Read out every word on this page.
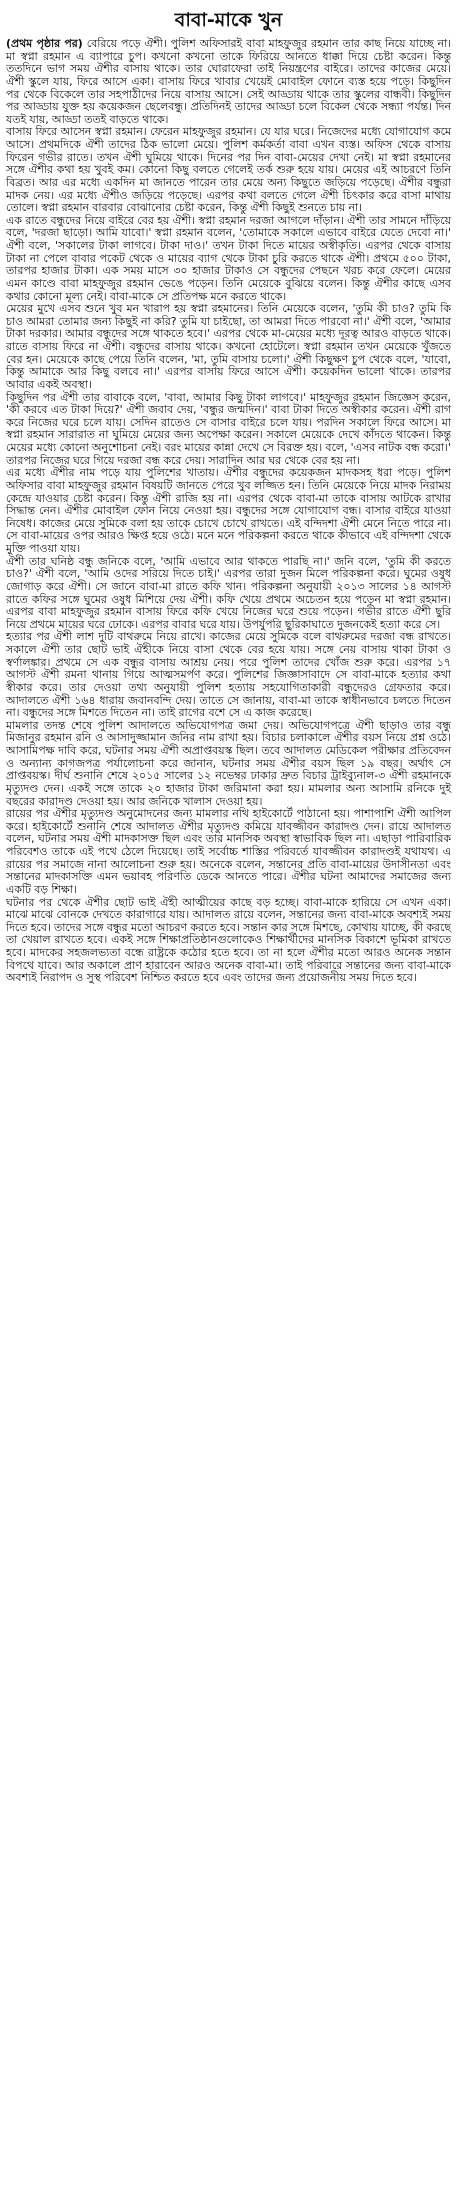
বাবা-মাকে খুন

(প্রথম পৃষ্ঠার পর) বেরিয়ে পড়ে ঐশী। পুলিশ অফিসারই বাবা মাহফুজুর রহমান তার কাছ নিয়ে যাচ্ছে না। মা স্বপ্না রহমান এ ব্যাপারে চুপ। কখনো কখনো তাকে ফিরিয়ে আনতে ধাক্কা দিয়ে চেষ্টা করেন। কিন্তু ততদিনে ভাগ সময় ঐশীর বাসায় থাকে। তার ঘোরাফেরা তাই নিয়ন্ত্রণের বাইরে। তাদের কাজের মেয়ে। ঐশী স্কুলে যায়, ফিরে আসে একা। বাসায় ফিরে খাবার খেয়েই মোবাইল ফোনে ব্যস্ত হয়ে পড়ে। কিছুদিন পর থেকে বিকেলে তার সহপাঠীদের নিয়ে বাসায় আসে। সেই আড্ডায় থাকে তার স্কুলের বান্ধবী। কিছুদিন পর আড্ডায় যুক্ত হয় কয়েকজন ছেলেবন্ধু। প্রতিদিনই তাদের আড্ডা চলে বিকেল থেকে সন্ধ্যা পর্যন্ত। দিন যতই যায়, আড্ডা ততই বাড়তে থাকে।

বাসায় ফিরে আসেন স্বপ্না রহমান। ফেরেন মাহফুজুর রহমান। যে যার ঘরে। নিজেদের মধ্যে যোগাযোগ কমে আসে। প্রথমদিকে ঐশী তাদের ঠিক ভালো মেয়ে। পুলিশ কর্মকর্তা বাবা এখন ব্যস্ত। অফিস থেকে বাসায় ফিরেন গভীর রাতে। তখন ঐশী ঘুমিয়ে থাকে। দিনের পর দিন বাবা-মেয়ের দেখা নেই। মা স্বপ্না রহমানের সঙ্গে ঐশীর কথা হয় খুবই কম। কোনো কিছু বলতে গেলেই তর্ক শুরু হয়ে যায়। মেয়ের এই আচরণে তিনি বিব্রত। আর এর মধ্যে একদিন মা জানতে পারেন তার মেয়ে অন্য কিছুতে জড়িয়ে পড়েছে। ঐশীর বন্ধুরা মাদক নেয়। এর মধ্যে ঐশীও জড়িয়ে পড়েছে। এরপর কথা বলতে গেলে ঐশী চিৎকার করে বাসা মাথায় তোলে। স্বপ্না রহমান বারবার বোঝানোর চেষ্টা করেন, কিন্তু ঐশী কিছুই শুনতে চায় না।

এক রাতে বন্ধুদের নিয়ে বাইরে বের হয় ঐশী। স্বপ্না রহমান দরজা আগলে দাঁড়ান। ঐশী তার সামনে দাঁড়িয়ে বলে, 'দরজা ছাড়ো। আমি যাবো।' স্বপ্না রহমান বলেন, 'তোমাকে সকালে এভাবে বাইরে যেতে দেবো না।' ঐশী বলে, 'সকালের টাকা লাগবে। টাকা দাও।' তখন টাকা দিতে মায়ের অস্বীকৃতি। এরপর থেকে বাসায় টাকা না পেলে বাবার পকেট থেকে ও মায়ের ব্যাগ থেকে টাকা চুরি করতে থাকে ঐশী। প্রথমে ৫০০ টাকা, তারপর হাজার টাকা। এক সময় মাসে ৩০ হাজার টাকাও সে বন্ধুদের পেছনে খরচ করে ফেলে। মেয়ের এমন কাণ্ডে বাবা মাহফুজুর রহমান ভেঙে পড়েন। তিনি মেয়েকে বুঝিয়ে বলেন। কিন্তু ঐশীর কাছে এসব কথার কোনো মূল্য নেই। বাবা-মাকে সে প্রতিপক্ষ মনে করতে থাকে।

মেয়ের মুখে এসব শুনে খুব মন খারাপ হয় স্বপ্না রহমানের। তিনি মেয়েকে বলেন, 'তুমি কী চাও? তুমি কি চাও আমরা তোমার জন্য কিছুই না করি? তুমি যা চাইছো, তা আমরা দিতে পারবো না।' ঐশী বলে, 'আমার টাকা দরকার। আমার বন্ধুদের সঙ্গে থাকতে হবে।' এরপর থেকে মা-মেয়ের মধ্যে দূরত্ব আরও বাড়তে থাকে। রাতে বাসায় ফিরে না ঐশী। বন্ধুদের বাসায় থাকে। কখনো হোটেলে। স্বপ্না রহমান তখন মেয়েকে খুঁজতে বের হন। মেয়েকে কাছে পেয়ে তিনি বলেন, 'মা, তুমি বাসায় চলো।' ঐশী কিছুক্ষণ চুপ থেকে বলে, 'যাবো, কিন্তু আমাকে আর কিছু বলবে না।' এরপর বাসায় ফিরে আসে ঐশী। কয়েকদিন ভালো থাকে। তারপর আবার একই অবস্থা।

কিছুদিন পর ঐশী তার বাবাকে বলে, 'বাবা, আমার কিছু টাকা লাগবে।' মাহফুজুর রহমান জিজ্ঞেস করেন, 'কী করবে এত টাকা দিয়ে?' ঐশী জবাব দেয়, 'বন্ধুর জন্মদিন।' বাবা টাকা দিতে অস্বীকার করেন। ঐশী রাগ করে নিজের ঘরে চলে যায়। সেদিন রাতেও সে বাসার বাইরে চলে যায়। পরদিন সকালে ফিরে আসে। মা স্বপ্না রহমান সারারাত না ঘুমিয়ে মেয়ের জন্য অপেক্ষা করেন। সকালে মেয়েকে দেখে কাঁদতে থাকেন। কিন্তু মেয়ের মধ্যে কোনো অনুশোচনা নেই। বরং মায়ের কান্না দেখে সে বিরক্ত হয়। বলে, 'এসব নাটক বন্ধ করো।' তারপর নিজের ঘরে গিয়ে দরজা বন্ধ করে দেয়। সারাদিন আর ঘর থেকে বের হয় না।

এর মধ্যে ঐশীর নাম পড়ে যায় পুলিশের খাতায়। ঐশীর বন্ধুদের কয়েকজন মাদকসহ ধরা পড়ে। পুলিশ অফিসার বাবা মাহফুজুর রহমান বিষয়টি জানতে পেরে খুব লজ্জিত হন। তিনি মেয়েকে নিয়ে মাদক নিরাময় কেন্দ্রে যাওয়ার চেষ্টা করেন। কিন্তু ঐশী রাজি হয় না। এরপর থেকে বাবা-মা তাকে বাসায় আটকে রাখার সিদ্ধান্ত নেন। ঐশীর মোবাইল ফোন নিয়ে নেওয়া হয়। বন্ধুদের সঙ্গে যোগাযোগ বন্ধ। বাসার বাইরে যাওয়া নিষেধ। কাজের মেয়ে সুমিকে বলা হয় তাকে চোখে চোখে রাখতে। এই বন্দিদশা ঐশী মেনে নিতে পারে না। সে বাবা-মায়ের ওপর আরও ক্ষিপ্ত হয়ে ওঠে। মনে মনে পরিকল্পনা করতে থাকে কীভাবে এই বন্দিদশা থেকে মুক্তি পাওয়া যায়।

ঐশী তার ঘনিষ্ঠ বন্ধু জনিকে বলে, 'আমি এভাবে আর থাকতে পারছি না।' জনি বলে, 'তুমি কী করতে চাও?' ঐশী বলে, 'আমি ওদের সরিয়ে দিতে চাই।' এরপর তারা দুজন মিলে পরিকল্পনা করে। ঘুমের ওষুধ জোগাড় করে ঐশী। সে জানে বাবা-মা রাতে কফি খান। পরিকল্পনা অনুযায়ী ২০১৩ সালের ১৪ আগস্ট রাতে কফির সঙ্গে ঘুমের ওষুধ মিশিয়ে দেয় ঐশী। কফি খেয়ে প্রথমে অচেতন হয়ে পড়েন মা স্বপ্না রহমান। এরপর বাবা মাহফুজুর রহমান বাসায় ফিরে কফি খেয়ে নিজের ঘরে শুয়ে পড়েন। গভীর রাতে ঐশী ছুরি নিয়ে প্রথমে মায়ের ঘরে ঢোকে। এরপর বাবার ঘরে যায়। উপর্যুপরি ছুরিকাঘাতে দুজনকেই হত্যা করে সে।

হত্যার পর ঐশী লাশ দুটি বাথরুমে নিয়ে রাখে। কাজের মেয়ে সুমিকে বলে বাথরুমের দরজা বন্ধ রাখতে। সকালে ঐশী তার ছোট ভাই ঐহীকে নিয়ে বাসা থেকে বের হয়ে যায়। সঙ্গে নেয় বাসায় থাকা টাকা ও স্বর্ণালঙ্কার। প্রথমে সে এক বন্ধুর বাসায় আশ্রয় নেয়। পরে পুলিশ তাদের খোঁজ শুরু করে। এরপর ১৭ আগস্ট ঐশী রমনা থানায় গিয়ে আত্মসমর্পণ করে। পুলিশের জিজ্ঞাসাবাদে সে বাবা-মাকে হত্যার কথা স্বীকার করে। তার দেওয়া তথ্য অনুযায়ী পুলিশ হত্যায় সহযোগিতাকারী বন্ধুদেরও গ্রেফতার করে। আদালতে ঐশী ১৬৪ ধারায় জবানবন্দি দেয়। তাতে সে জানায়, বাবা-মা তাকে স্বাধীনভাবে চলতে দিতেন না। বন্ধুদের সঙ্গে মিশতে দিতেন না। তাই রাগের বশে সে এ কাজ করেছে।

মামলার তদন্ত শেষে পুলিশ আদালতে অভিযোগপত্র জমা দেয়। অভিযোগপত্রে ঐশী ছাড়াও তার বন্ধু মিজানুর রহমান রনি ও আসাদুজ্জামান জনির নাম রাখা হয়। বিচার চলাকালে ঐশীর বয়স নিয়ে প্রশ্ন ওঠে। আসামিপক্ষ দাবি করে, ঘটনার সময় ঐশী অপ্রাপ্তবয়স্ক ছিল। তবে আদালত মেডিকেল পরীক্ষার প্রতিবেদন ও অন্যান্য কাগজপত্র পর্যালোচনা করে জানান, ঘটনার সময় ঐশীর বয়স ছিল ১৯ বছর। অর্থাৎ সে প্রাপ্তবয়স্ক। দীর্ঘ শুনানি শেষে ২০১৫ সালের ১২ নভেম্বর ঢাকার দ্রুত বিচার ট্রাইব্যুনাল-৩ ঐশী রহমানকে মৃত্যুদণ্ড দেন। একই সঙ্গে তাকে ২০ হাজার টাকা জরিমানা করা হয়। মামলার অন্য আসামি রনিকে দুই বছরের কারাদণ্ড দেওয়া হয়। আর জনিকে খালাস দেওয়া হয়।

রায়ের পর ঐশীর মৃত্যুদণ্ড অনুমোদনের জন্য মামলার নথি হাইকোর্টে পাঠানো হয়। পাশাপাশি ঐশী আপিল করে। হাইকোর্টে শুনানি শেষে আদালত ঐশীর মৃত্যুদণ্ড কমিয়ে যাবজ্জীবন কারাদণ্ড দেন। রায়ে আদালত বলেন, ঘটনার সময় ঐশী মাদকাসক্ত ছিল এবং তার মানসিক অবস্থা স্বাভাবিক ছিল না। এছাড়া পারিবারিক পরিবেশও তাকে এই পথে ঠেলে দিয়েছে। তাই সর্বোচ্চ শাস্তির পরিবর্তে যাবজ্জীবন কারাদণ্ডই যথাযথ। এ রায়ের পর সমাজে নানা আলোচনা শুরু হয়। অনেকে বলেন, সন্তানের প্রতি বাবা-মায়ের উদাসীনতা এবং সন্তানের মাদকাসক্তি এমন ভয়াবহ পরিণতি ডেকে আনতে পারে। ঐশীর ঘটনা আমাদের সমাজের জন্য একটি বড় শিক্ষা।

ঘটনার পর থেকে ঐশীর ছোট ভাই ঐহী আত্মীয়ের কাছে বড় হচ্ছে। বাবা-মাকে হারিয়ে সে এখন একা। মাঝে মাঝে বোনকে দেখতে কারাগারে যায়। আদালত রায়ে বলেন, সন্তানের জন্য বাবা-মাকে অবশ্যই সময় দিতে হবে। তাদের সঙ্গে বন্ধুর মতো আচরণ করতে হবে। সন্তান কার সঙ্গে মিশছে, কোথায় যাচ্ছে, কী করছে তা খেয়াল রাখতে হবে। একই সঙ্গে শিক্ষাপ্রতিষ্ঠানগুলোকেও শিক্ষার্থীদের মানসিক বিকাশে ভূমিকা রাখতে হবে। মাদকের সহজলভ্যতা বন্ধে রাষ্ট্রকে কঠোর হতে হবে। তা না হলে ঐশীর মতো আরও অনেক সন্তান বিপথে যাবে। আর অকালে প্রাণ হারাবেন আরও অনেক বাবা-মা। তাই পরিবারে সন্তানের জন্য বাবা-মাকে অবশ্যই নিরাপদ ও সুস্থ পরিবেশ নিশ্চিত করতে হবে এবং তাদের জন্য প্রয়োজনীয় সময় দিতে হবে।
